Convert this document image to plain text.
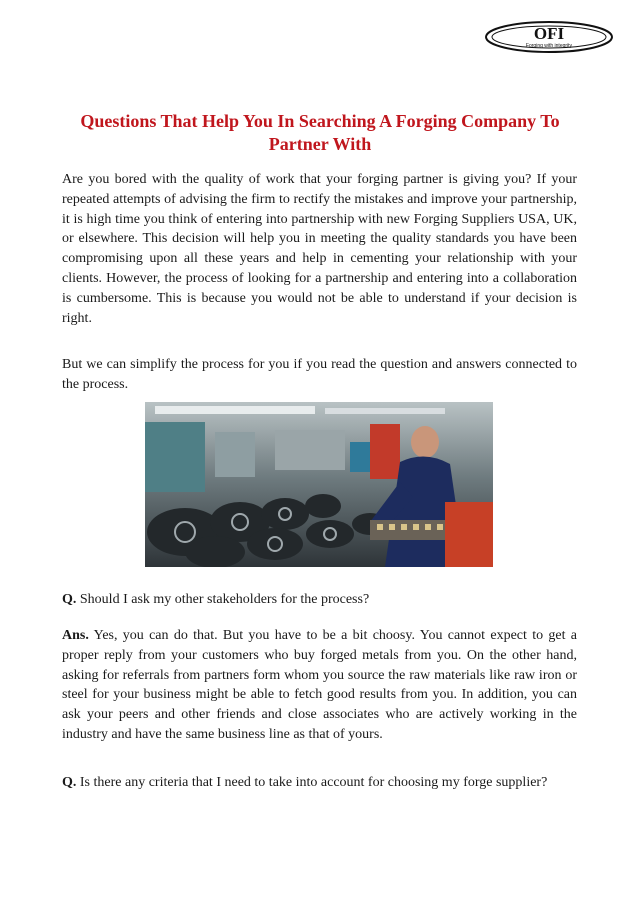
OFI
Forging with integrity
Questions That Help You In Searching A Forging Company To Partner With
Are you bored with the quality of work that your forging partner is giving you? If your repeated attempts of advising the firm to rectify the mistakes and improve your partnership, it is high time you think of entering into partnership with new Forging Suppliers USA, UK, or elsewhere. This decision will help you in meeting the quality standards you have been compromising upon all these years and help in cementing your relationship with your clients. However, the process of looking for a partnership and entering into a collaboration is cumbersome. This is because you would not be able to understand if your decision is right.
But we can simplify the process for you if you read the question and answers connected to the process.
Q. Should I ask my other stakeholders for the process?
Ans. Yes, you can do that. But you have to be a bit choosy. You cannot expect to get a proper reply from your customers who buy forged metals from you. On the other hand, asking for referrals from partners form whom you source the raw materials like raw iron or steel for your business might be able to fetch good results from you. In addition, you can ask your peers and other friends and close associates who are actively working in the industry and have the same business line as that of yours.
Q. Is there any criteria that I need to take into account for choosing my forge supplier?
